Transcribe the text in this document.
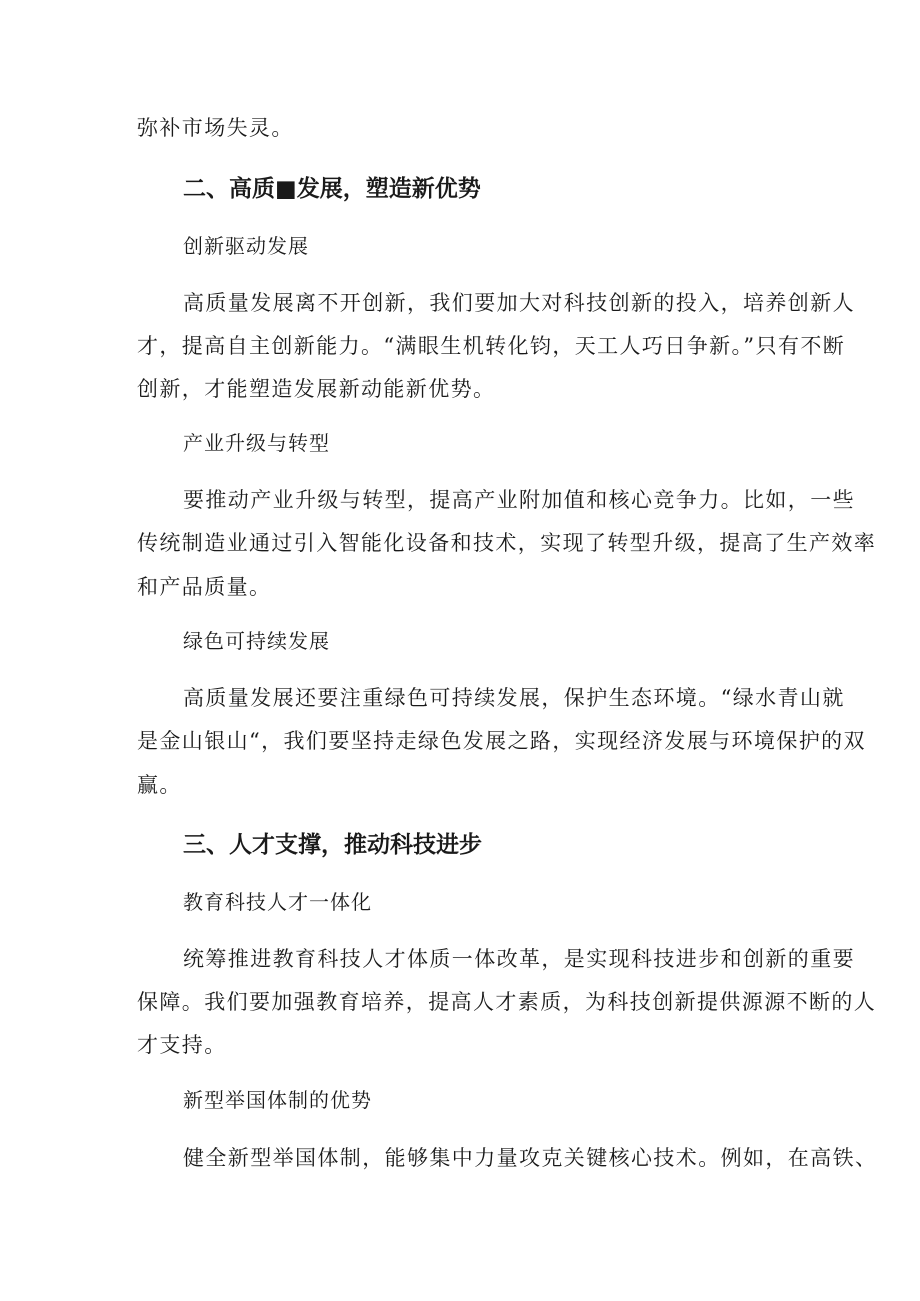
弥补市场失灵。
二、高质■发展，塑造新优势
创新驱动发展
高质量发展离不开创新，我们要加大对科技创新的投入，培养创新人
才，提高自主创新能力。“满眼生机转化钧，天工人巧日争新。”只有不断
创新，才能塑造发展新动能新优势。
产业升级与转型
要推动产业升级与转型，提高产业附加值和核心竞争力。比如，一些
传统制造业通过引入智能化设备和技术，实现了转型升级，提高了生产效率
和产品质量。
绿色可持续发展
高质量发展还要注重绿色可持续发展，保护生态环境。“绿水青山就
是金山银山“，我们要坚持走绿色发展之路，实现经济发展与环境保护的双
赢。
三、人才支撑，推动科技进步
教育科技人才一体化
统筹推进教育科技人才体质一体改革，是实现科技进步和创新的重要
保障。我们要加强教育培养，提高人才素质，为科技创新提供源源不断的人
才支持。
新型举国体制的优势
健全新型举国体制，能够集中力量攻克关键核心技术。例如，在高铁、
